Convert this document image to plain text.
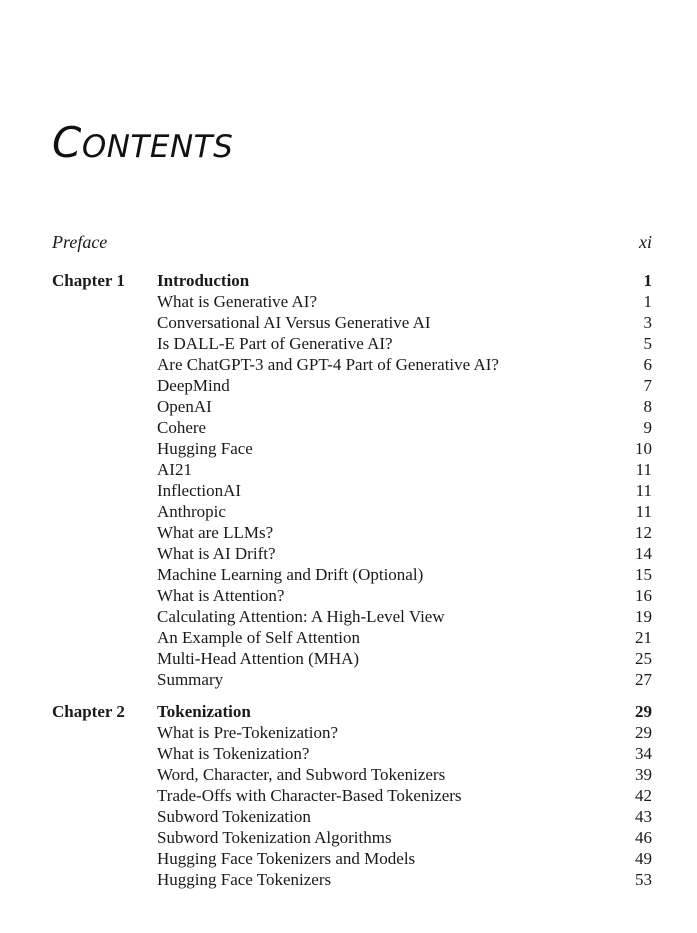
CONTENTS
Preface	xi
Chapter 1	Introduction	1
What is Generative AI?	1
Conversational AI Versus Generative AI	3
Is DALL-E Part of Generative AI?	5
Are ChatGPT-3 and GPT-4 Part of Generative AI?	6
DeepMind	7
OpenAI	8
Cohere	9
Hugging Face	10
AI21	11
InflectionAI	11
Anthropic	11
What are LLMs?	12
What is AI Drift?	14
Machine Learning and Drift (Optional)	15
What is Attention?	16
Calculating Attention: A High-Level View	19
An Example of Self Attention	21
Multi-Head Attention (MHA)	25
Summary	27
Chapter 2	Tokenization	29
What is Pre-Tokenization?	29
What is Tokenization?	34
Word, Character, and Subword Tokenizers	39
Trade-Offs with Character-Based Tokenizers	42
Subword Tokenization	43
Subword Tokenization Algorithms	46
Hugging Face Tokenizers and Models	49
Hugging Face Tokenizers	53
